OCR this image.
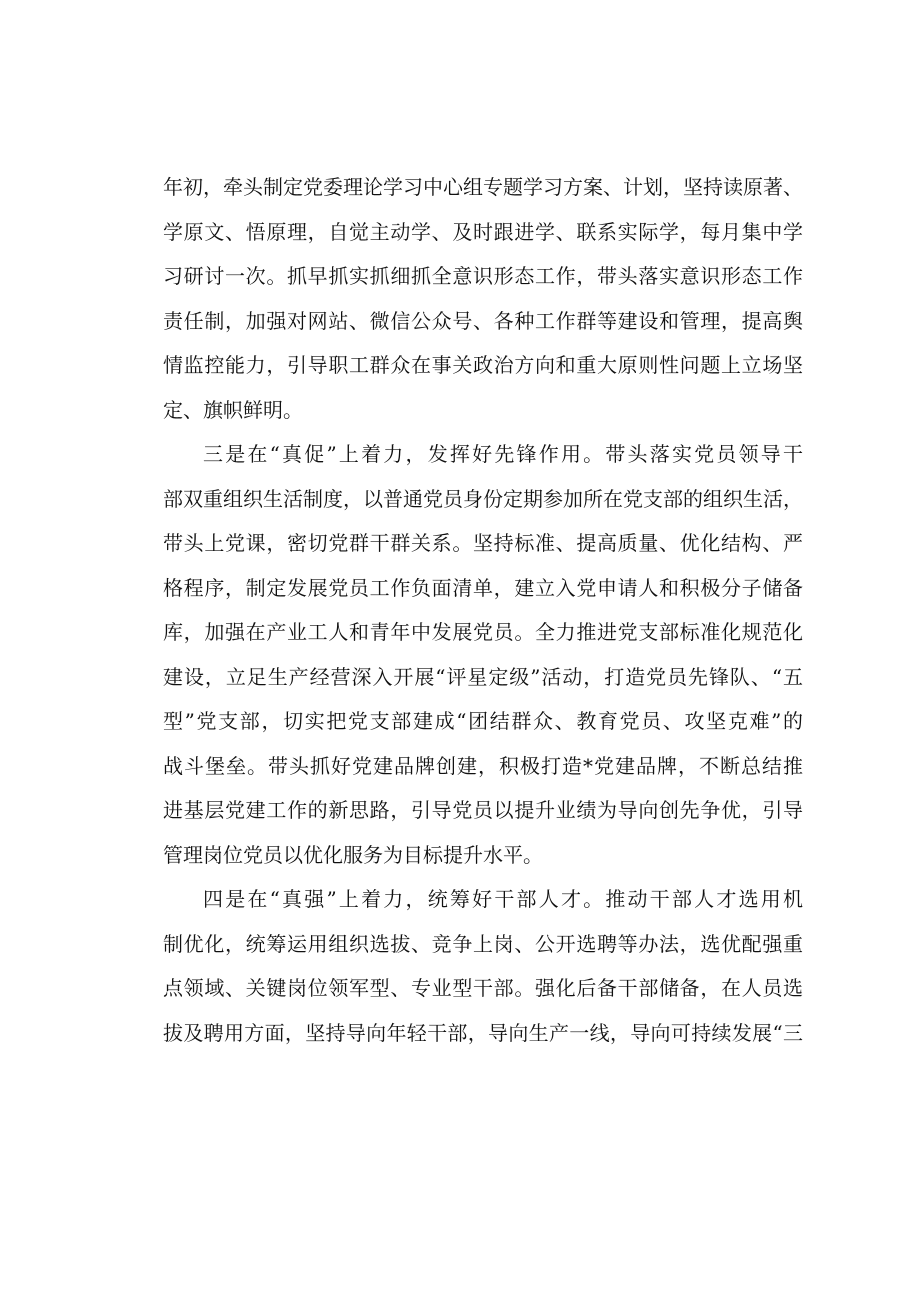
年初，牵头制定党委理论学习中心组专题学习方案、计划，坚持读原著、
学原文、悟原理，自觉主动学、及时跟进学、联系实际学，每月集中学
习研讨一次。抓早抓实抓细抓全意识形态工作，带头落实意识形态工作
责任制，加强对网站、微信公众号、各种工作群等建设和管理，提高舆
情监控能力，引导职工群众在事关政治方向和重大原则性问题上立场坚
定、旗帜鲜明。
三是在“真促”上着力，发挥好先锋作用。带头落实党员领导干
部双重组织生活制度，以普通党员身份定期参加所在党支部的组织生活，
带头上党课，密切党群干群关系。坚持标准、提高质量、优化结构、严
格程序，制定发展党员工作负面清单，建立入党申请人和积极分子储备
库，加强在产业工人和青年中发展党员。全力推进党支部标准化规范化
建设，立足生产经营深入开展“评星定级”活动，打造党员先锋队、“五
型”党支部，切实把党支部建成“团结群众、教育党员、攻坚克难”的
战斗堡垒。带头抓好党建品牌创建，积极打造*党建品牌，不断总结推
进基层党建工作的新思路，引导党员以提升业绩为导向创先争优，引导
管理岗位党员以优化服务为目标提升水平。
四是在“真强”上着力，统筹好干部人才。推动干部人才选用机
制优化，统筹运用组织选拔、竞争上岗、公开选聘等办法，选优配强重
点领域、关键岗位领军型、专业型干部。强化后备干部储备，在人员选
拔及聘用方面，坚持导向年轻干部，导向生产一线，导向可持续发展“三
